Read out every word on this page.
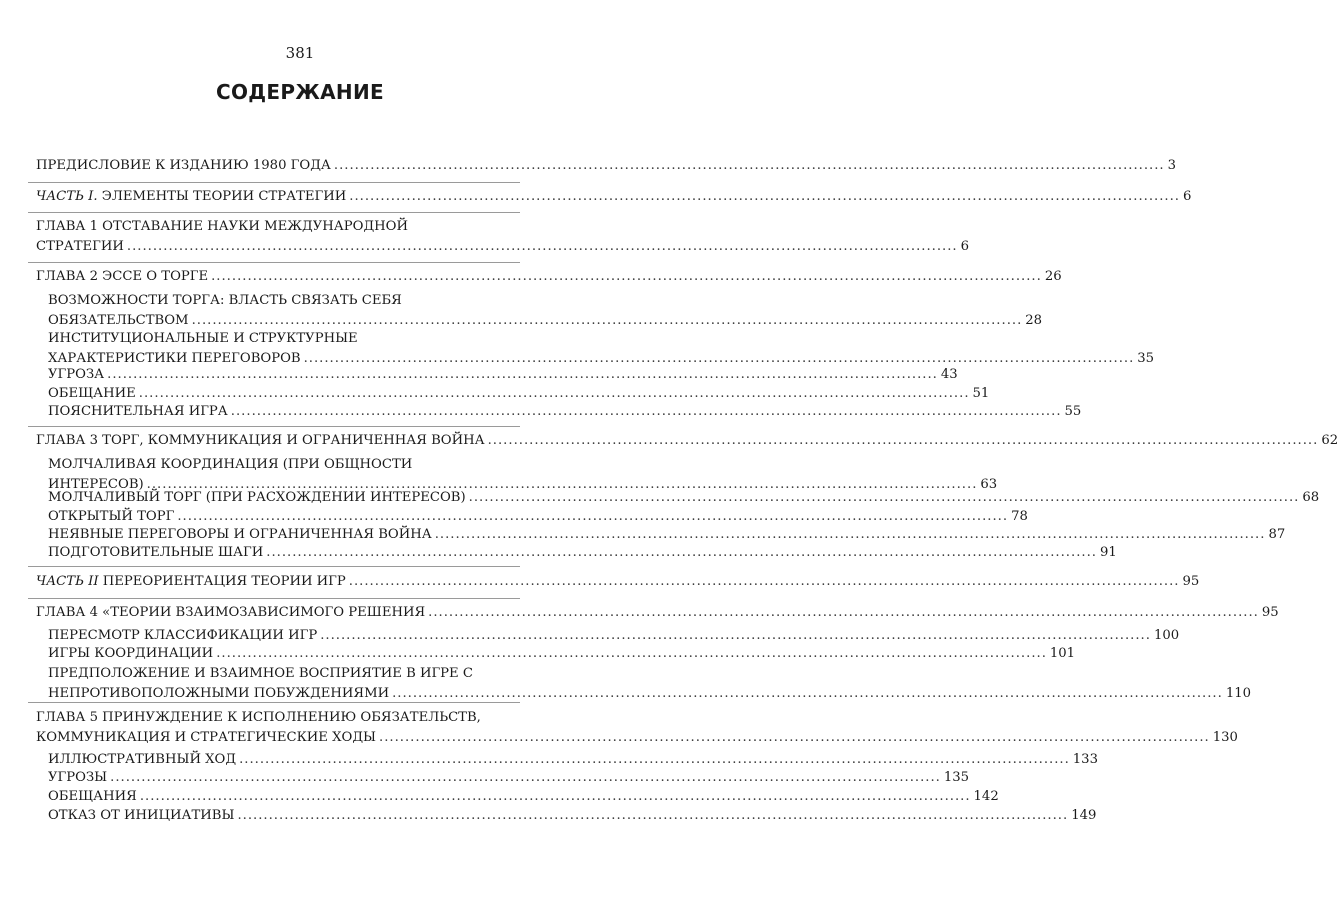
381
СОДЕРЖАНИЕ
ПРЕДИСЛОВИЕ К ИЗДАНИЮ 1980 ГОДА ................................................................................................................................................................ 3
ЧАСТЬ I. ЭЛЕМЕНТЫ ТЕОРИИ СТРАТЕГИИ ................................................................................................................................................................ 6
ГЛАВА 1 ОТСТАВАНИЕ НАУКИ МЕЖДУНАРОДНОЙ
СТРАТЕГИИ ................................................................................................................................................................ 6
ГЛАВА 2 ЭССЕ О ТОРГЕ ................................................................................................................................................................ 26
ВОЗМОЖНОСТИ ТОРГА: ВЛАСТЬ СВЯЗАТЬ СЕБЯ
ОБЯЗАТЕЛЬСТВОМ ................................................................................................................................................................ 28
ИНСТИТУЦИОНАЛЬНЫЕ И СТРУКТУРНЫЕ
ХАРАКТЕРИСТИКИ ПЕРЕГОВОРОВ ................................................................................................................................................................ 35
УГРОЗА ................................................................................................................................................................ 43
ОБЕЩАНИЕ ................................................................................................................................................................ 51
ПОЯСНИТЕЛЬНАЯ ИГРА ................................................................................................................................................................ 55
ГЛАВА 3 ТОРГ, КОММУНИКАЦИЯ И ОГРАНИЧЕННАЯ ВОЙНА ................................................................................................................................................................ 62
МОЛЧАЛИВАЯ КООРДИНАЦИЯ (ПРИ ОБЩНОСТИ
ИНТЕРЕСОВ) ................................................................................................................................................................ 63
МОЛЧАЛИВЫЙ ТОРГ (ПРИ РАСХОЖДЕНИИ ИНТЕРЕСОВ) ................................................................................................................................................................ 68
ОТКРЫТЫЙ ТОРГ ................................................................................................................................................................ 78
НЕЯВНЫЕ ПЕРЕГОВОРЫ И ОГРАНИЧЕННАЯ ВОЙНА ................................................................................................................................................................ 87
ПОДГОТОВИТЕЛЬНЫЕ ШАГИ ................................................................................................................................................................ 91
ЧАСТЬ II ПЕРЕОРИЕНТАЦИЯ ТЕОРИИ ИГР ................................................................................................................................................................ 95
ГЛАВА 4 «ТЕОРИИ ВЗАИМОЗАВИСИМОГО РЕШЕНИЯ ................................................................................................................................................................ 95
ПЕРЕСМОТР КЛАССИФИКАЦИИ ИГР ................................................................................................................................................................ 100
ИГРЫ КООРДИНАЦИИ ................................................................................................................................................................ 101
ПРЕДПОЛОЖЕНИЕ И ВЗАИМНОЕ ВОСПРИЯТИЕ В ИГРЕ С
НЕПРОТИВОПОЛОЖНЫМИ ПОБУЖДЕНИЯМИ ................................................................................................................................................................ 110
ГЛАВА 5 ПРИНУЖДЕНИЕ К ИСПОЛНЕНИЮ ОБЯЗАТЕЛЬСТВ,
КОММУНИКАЦИЯ И СТРАТЕГИЧЕСКИЕ ХОДЫ ................................................................................................................................................................ 130
ИЛЛЮСТРАТИВНЫЙ ХОД ................................................................................................................................................................ 133
УГРОЗЫ ................................................................................................................................................................ 135
ОБЕЩАНИЯ ................................................................................................................................................................ 142
ОТКАЗ ОТ ИНИЦИАТИВЫ ................................................................................................................................................................ 149
